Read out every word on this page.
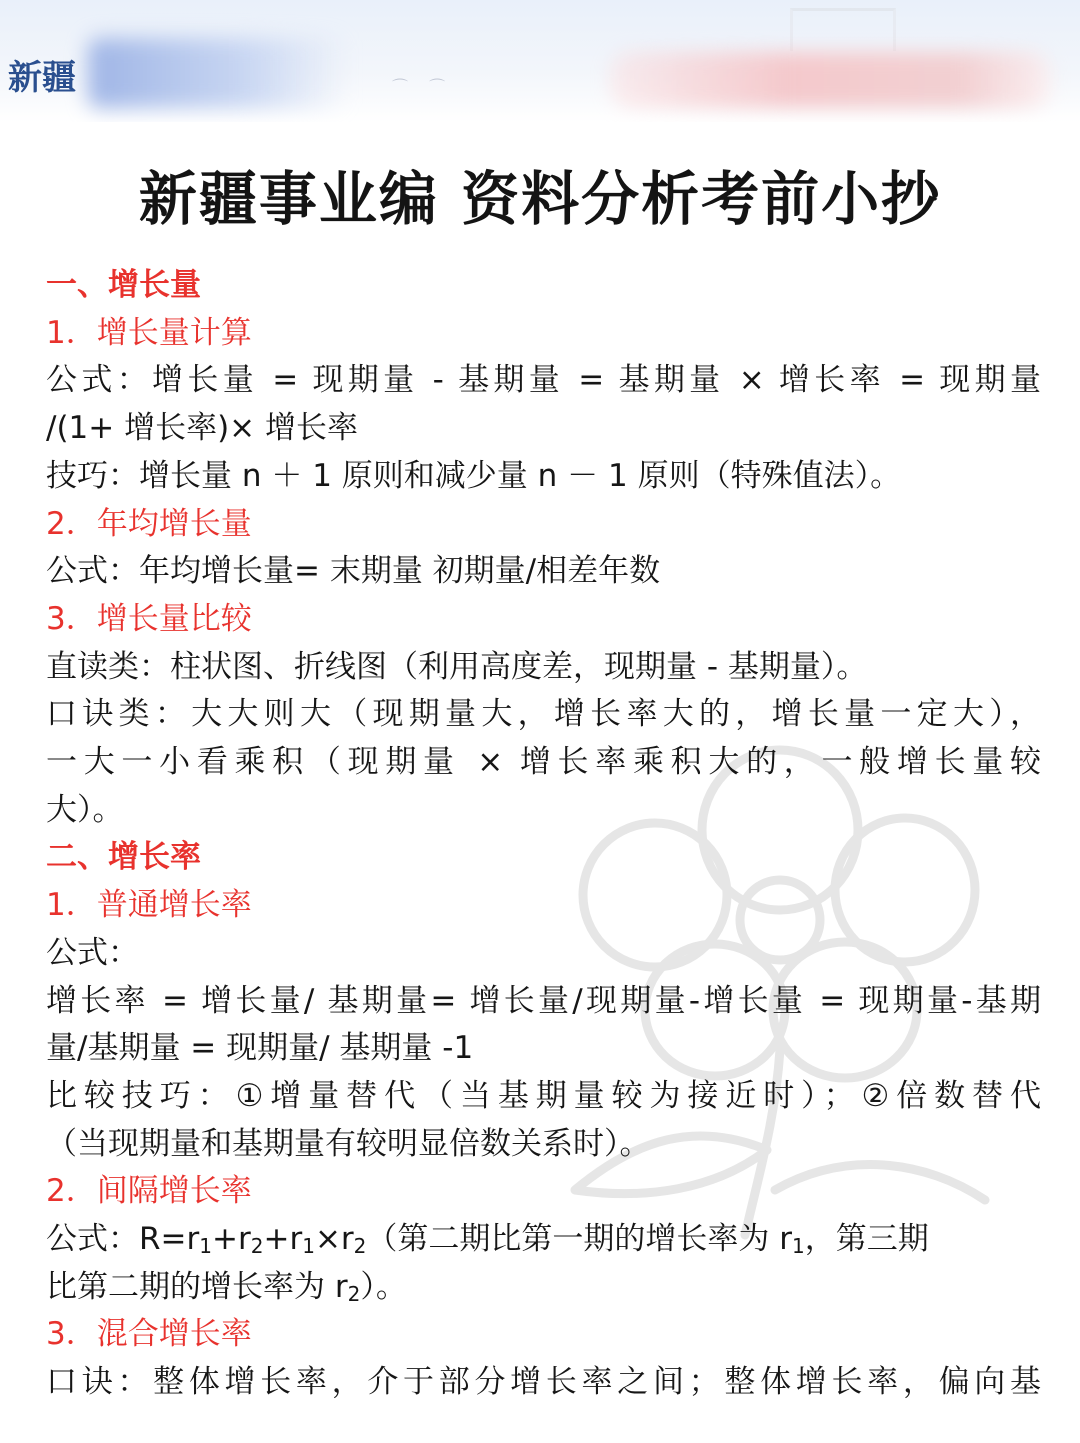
新疆	⌒ ⌒
新疆事业编 资料分析考前小抄
一、增长量
1．增长量计算
公式：增长量 = 现期量 - 基期量 = 基期量 × 增长率 = 现期量
/(1+ 增长率)× 增长率
技巧：增长量 n ＋ 1 原则和减少量 n － 1 原则（特殊值法）。
2．年均增长量
公式：年均增长量= 末期量 初期量/相差年数
3．增长量比较
直读类：柱状图、折线图（利用高度差，现期量 - 基期量）。
口诀类：大大则大（现期量大，增长率大的，增长量一定大），
一大一小看乘积（现期量 × 增长率乘积大的，一般增长量较
大）。
二、增长率
1．普通增长率
公式：
增长率 = 增长量/ 基期量= 增长量/现期量-增长量 = 现期量-基期
量/基期量 = 现期量/ 基期量 -1
比较技巧：①增量替代（当基期量较为接近时）；②倍数替代
（当现期量和基期量有较明显倍数关系时）。
2．间隔增长率
公式：$R=r_1+r_2+r_1\times r_2$（第二期比第一期的增长率为 $r_1$，第三期
比第二期的增长率为 $r_2$）。
3．混合增长率
口诀：整体增长率，介于部分增长率之间；整体增长率，偏向基
